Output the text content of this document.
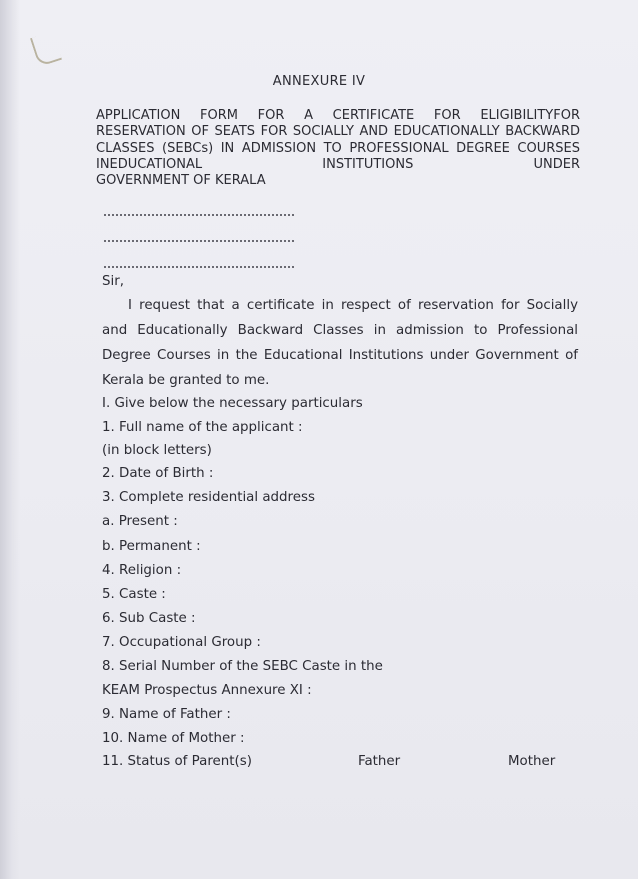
ANNEXURE IV

APPLICATION FORM FOR A CERTIFICATE FOR ELIGIBILITYFOR RESERVATION OF SEATS FOR SOCIALLY AND EDUCATIONALLY BACKWARD CLASSES (SEBCs) IN ADMISSION TO PROFESSIONAL DEGREE COURSES INEDUCATIONAL INSTITUTIONS UNDER
GOVERNMENT OF KERALA

Sir,

I request that a certificate in respect of reservation for Socially and Educationally Backward Classes in admission to Professional Degree Courses in the Educational Institutions under Government of Kerala be granted to me.

I. Give below the necessary particulars
1. Full name of the applicant :
(in block letters)
2. Date of Birth :
3. Complete residential address
a. Present :
b. Permanent :
4. Religion :
5. Caste :
6. Sub Caste :
7. Occupational Group :
8. Serial Number of the SEBC Caste in the
KEAM Prospectus Annexure XI :
9. Name of Father :
10. Name of Mother :
11. Status of Parent(s)	Father	Mother
